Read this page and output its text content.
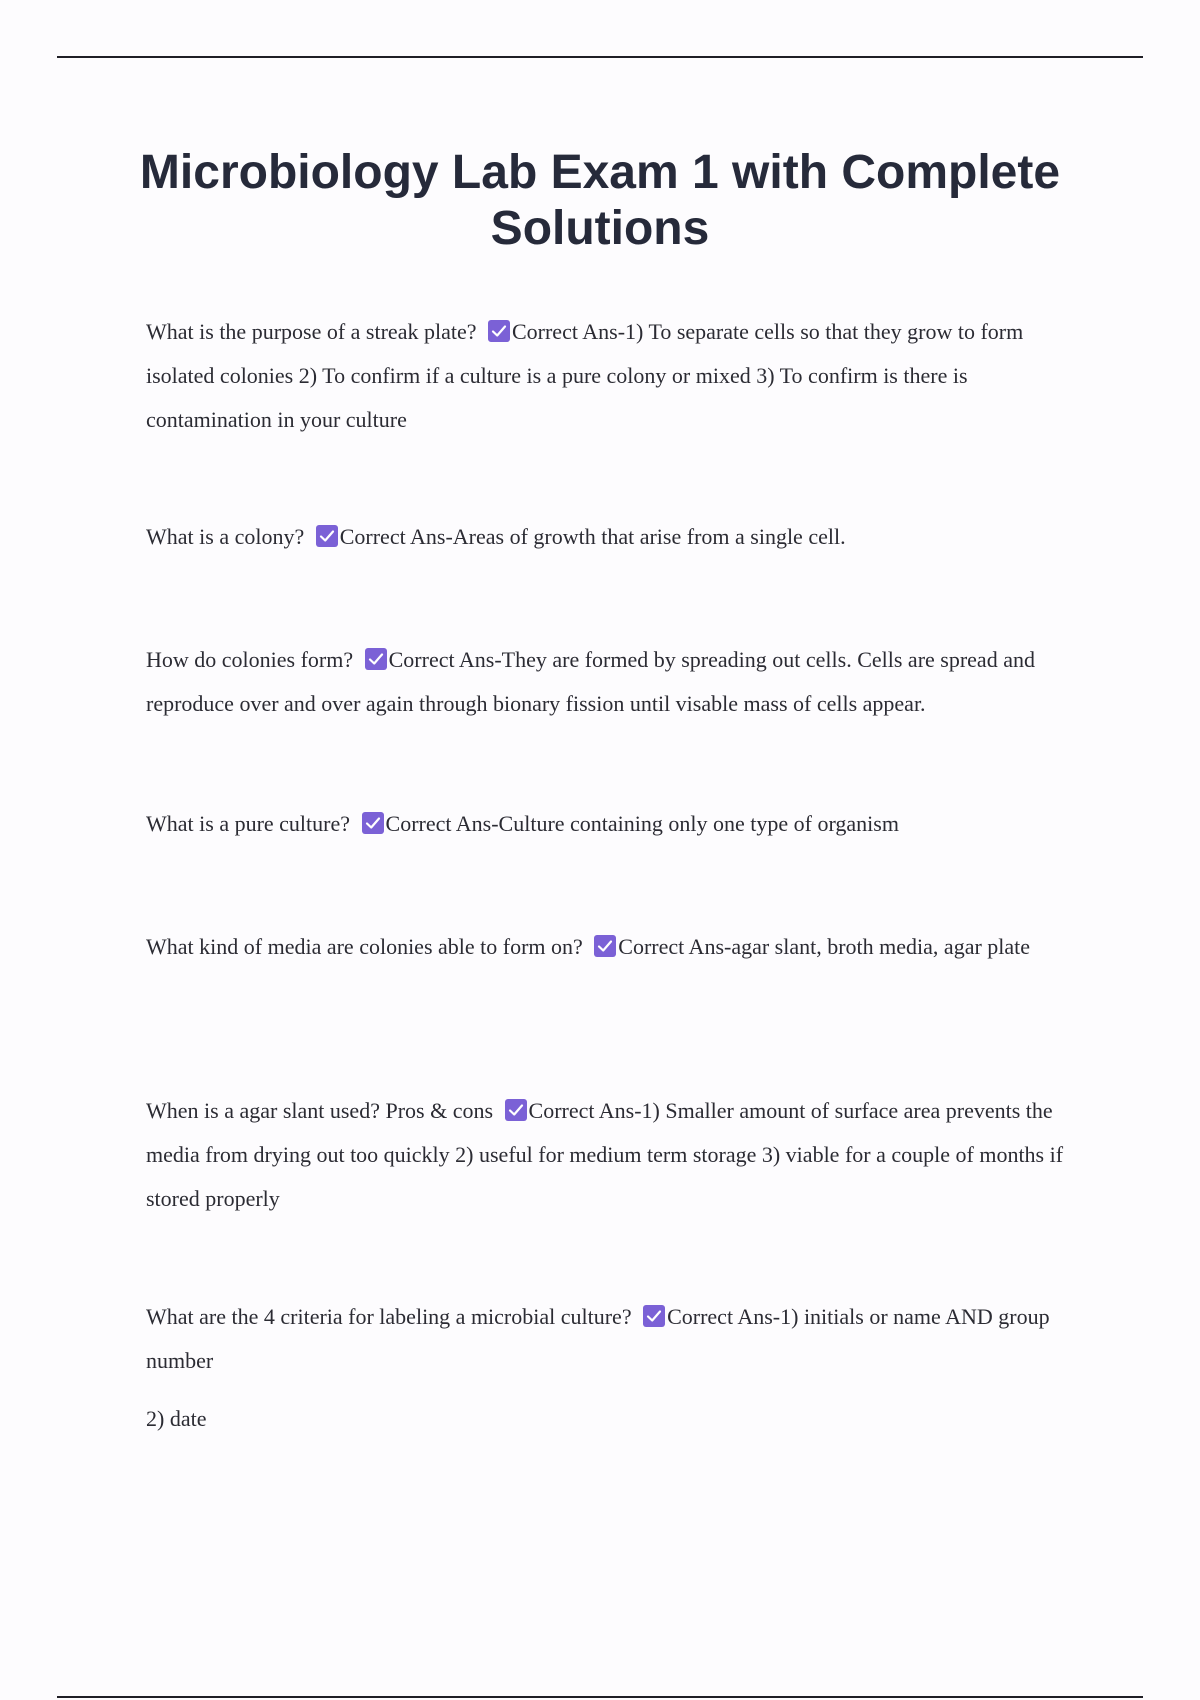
Microbiology Lab Exam 1 with Complete Solutions

What is the purpose of a streak plate? Correct Ans-1) To separate cells so that they grow to form isolated colonies 2) To confirm if a culture is a pure colony or mixed 3) To confirm is there is contamination in your culture

What is a colony? Correct Ans-Areas of growth that arise from a single cell.

How do colonies form? Correct Ans-They are formed by spreading out cells. Cells are spread and reproduce over and over again through bionary fission until visable mass of cells appear.

What is a pure culture? Correct Ans-Culture containing only one type of organism

What kind of media are colonies able to form on? Correct Ans-agar slant, broth media, agar plate

When is a agar slant used? Pros & cons Correct Ans-1) Smaller amount of surface area prevents the media from drying out too quickly 2) useful for medium term storage 3) viable for a couple of months if stored properly

What are the 4 criteria for labeling a microbial culture? Correct Ans-1) initials or name AND group number

2) date
